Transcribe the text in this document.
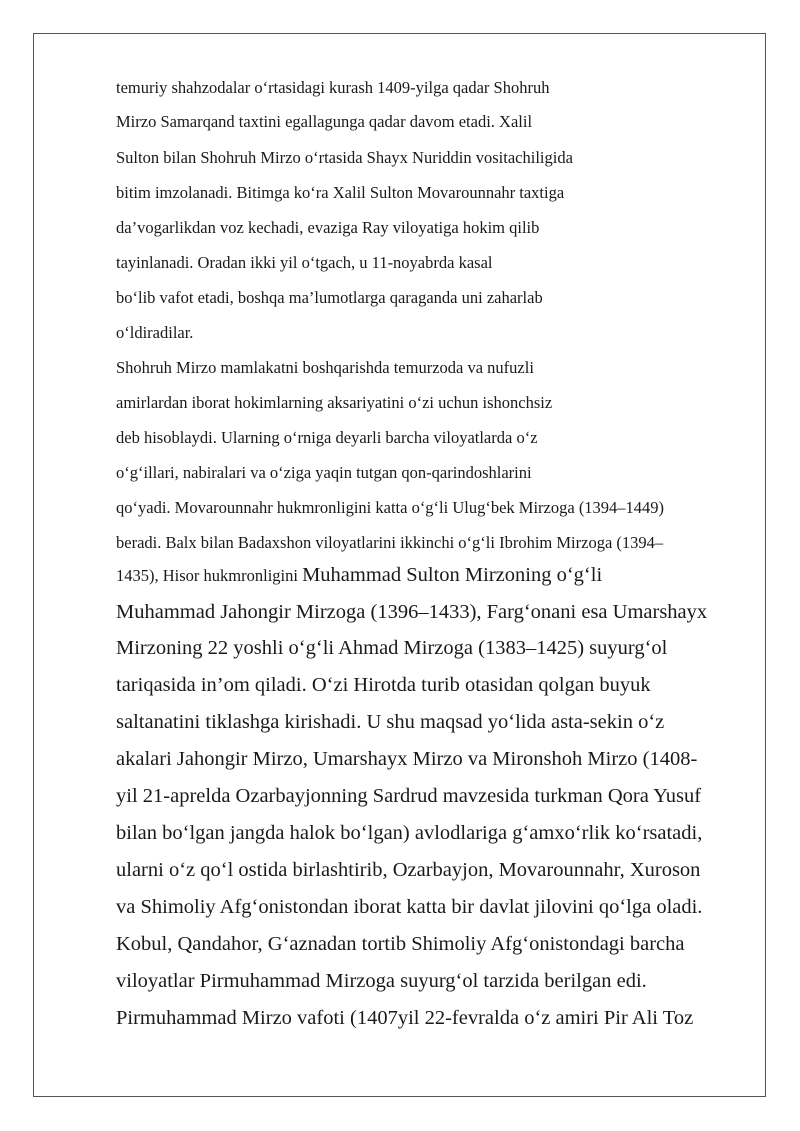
temuriy shahzodalar o‘rtasidagi kurash 1409-yilga qadar Shohruh

Mirzo Samarqand taxtini egallagunga qadar davom etadi. Xalil

Sulton bilan Shohruh Mirzo o‘rtasida Shayx Nuriddin vositachiligida

bitim imzolanadi. Bitimga ko‘ra Xalil Sulton Movarounnahr taxtiga

da’vogarlikdan voz kechadi, evaziga Ray viloyatiga hokim qilib

tayinlanadi. Oradan ikki yil o‘tgach, u 11-noyabrda kasal

bo‘lib vafot etadi, boshqa ma’lumotlarga qaraganda uni zaharlab

o‘ldiradilar.

Shohruh Mirzo mamlakatni boshqarishda temurzoda va nufuzli

amirlardan iborat hokimlarning aksariyatini o‘zi uchun ishonchsiz

deb hisoblaydi. Ularning o‘rniga deyarli barcha viloyatlarda o‘z

o‘g‘illari, nabiralari va o‘ziga yaqin tutgan qon-qarindoshlarini

qo‘yadi. Movarounnahr hukmronligini katta o‘g‘li Ulug‘bek Mirzoga (1394–1449)

beradi. Balx bilan Badaxshon viloyatlarini ikkinchi o‘g‘li Ibrohim Mirzoga (1394–

1435), Hisor hukmronligini Muhammad Sulton Mirzoning o‘g‘li

Muhammad Jahongir Mirzoga (1396–1433), Farg‘onani esa Umarshayx

Mirzoning 22 yoshli o‘g‘li Ahmad Mirzoga (1383–1425) suyurg‘ol

tariqasida in’om qiladi. O‘zi Hirotda turib otasidan qolgan buyuk

saltanatini tiklashga kirishadi. U shu maqsad yo‘lida asta-sekin o‘z

akalari Jahongir Mirzo, Umarshayx Mirzo va Mironshoh Mirzo (1408-

yil 21-aprelda Ozarbayjonning Sardrud mavzesida turkman Qora Yusuf

bilan bo‘lgan jangda halok bo‘lgan) avlodlariga g‘amxo‘rlik ko‘rsatadi,

ularni o‘z qo‘l ostida birlashtirib, Ozarbayjon, Movarounnahr, Xuroson

va Shimoliy Afg‘onistondan iborat katta bir davlat jilovini qo‘lga oladi.

Kobul, Qandahor, G‘aznadan tortib Shimoliy Afg‘onistondagi barcha

viloyatlar Pirmuhammad Mirzoga suyurg‘ol tarzida berilgan edi.

Pirmuhammad Mirzo vafoti (1407yil 22-fevralda o‘z amiri Pir Ali Toz
